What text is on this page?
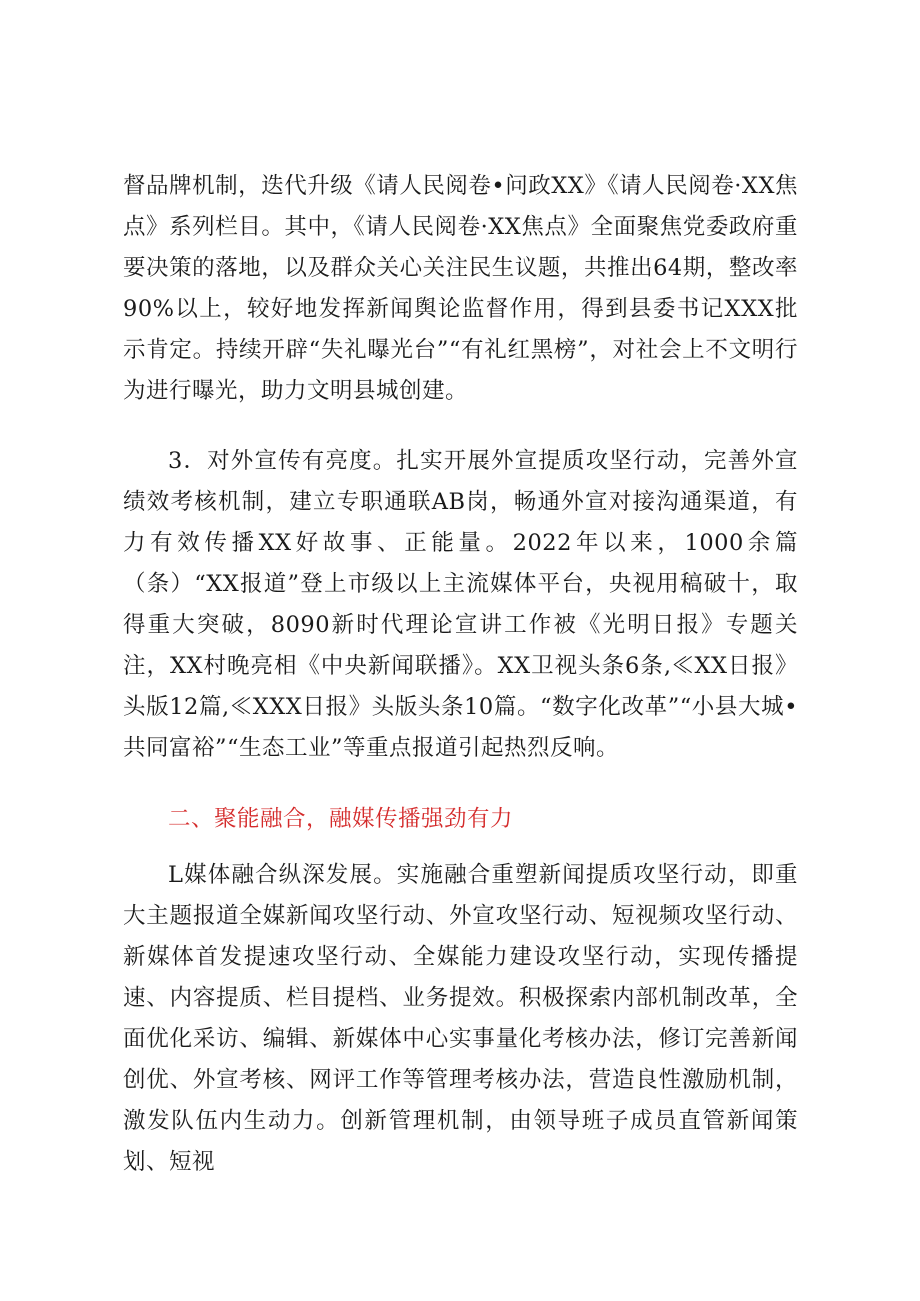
督品牌机制，迭代升级《请人民阅卷•问政XX》《请人民阅卷·XX焦点》系列栏目。其中，《请人民阅卷·XX焦点》全面聚焦党委政府重要决策的落地，以及群众关心关注民生议题，共推出64期，整改率90%以上，较好地发挥新闻舆论监督作用，得到县委书记XXX批示肯定。持续开辟“失礼曝光台”“有礼红黑榜”，对社会上不文明行为进行曝光，助力文明县城创建。

3．对外宣传有亮度。扎实开展外宣提质攻坚行动，完善外宣绩效考核机制，建立专职通联AB岗，畅通外宣对接沟通渠道，有力有效传播XX好故事、正能量。2022年以来，1000余篇（条）“XX报道”登上市级以上主流媒体平台，央视用稿破十，取得重大突破，8090新时代理论宣讲工作被《光明日报》专题关注，XX村晚亮相《中央新闻联播》。XX卫视头条6条,≪XX日报》头版12篇,≪XXX日报》头版头条10篇。“数字化改革”“小县大城•共同富裕”“生态工业”等重点报道引起热烈反响。

二、聚能融合，融媒传播强劲有力

L媒体融合纵深发展。实施融合重塑新闻提质攻坚行动，即重大主题报道全媒新闻攻坚行动、外宣攻坚行动、短视频攻坚行动、新媒体首发提速攻坚行动、全媒能力建设攻坚行动，实现传播提速、内容提质、栏目提档、业务提效。积极探索内部机制改革，全面优化采访、编辑、新媒体中心实事量化考核办法，修订完善新闻创优、外宣考核、网评工作等管理考核办法，营造良性激励机制，激发队伍内生动力。创新管理机制，由领导班子成员直管新闻策划、短视
